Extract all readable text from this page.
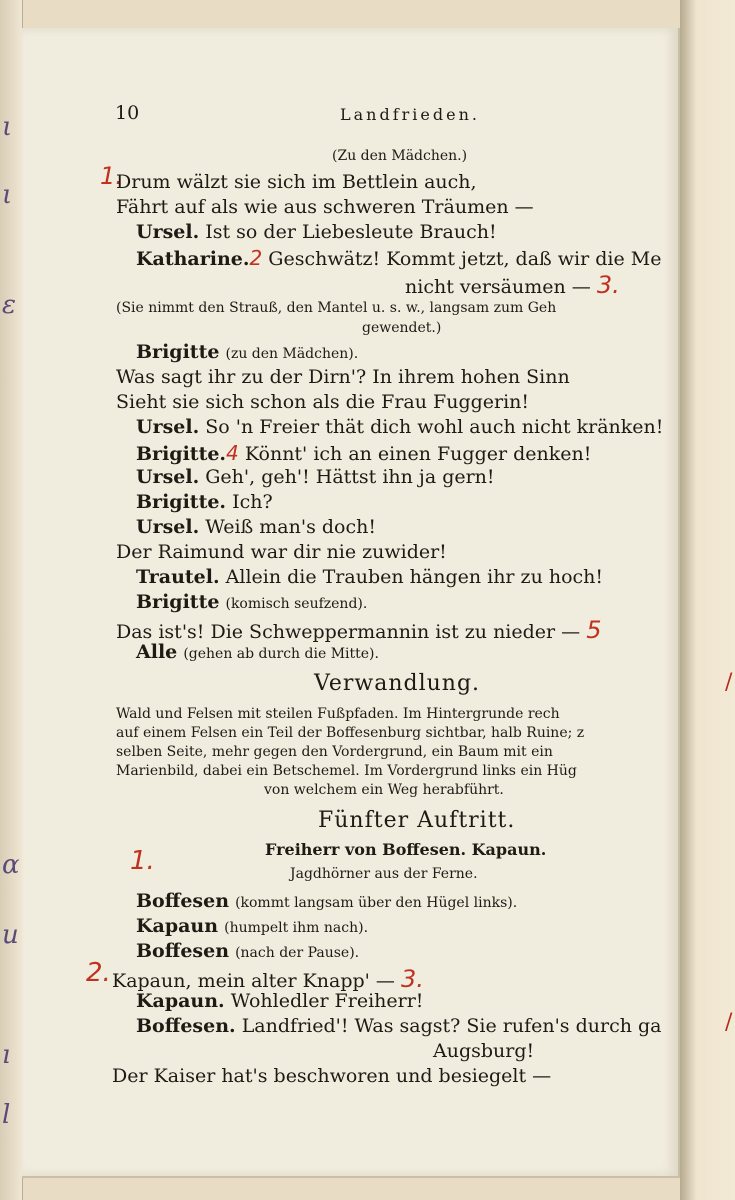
ι
ι
ε
ɑ
u
ı
l
/
/
10	Landfrieden.
(Zu den Mädchen.)
1.
Drum wälzt sie sich im Bettlein auch,
Fährt auf als wie aus schweren Träumen —
Ursel. Ist so der Liebesleute Brauch!
Katharine.2 Geschwätz! Kommt jetzt, daß wir die Me
nicht versäumen — 3.
(Sie nimmt den Strauß, den Mantel u. s. w., langsam zum Geh
gewendet.)
Brigitte (zu den Mädchen).
Was sagt ihr zu der Dirn'? In ihrem hohen Sinn
Sieht sie sich schon als die Frau Fuggerin!
Ursel. So 'n Freier thät dich wohl auch nicht kränken!
Brigitte.4 Könnt' ich an einen Fugger denken!
Ursel. Geh', geh'! Hättst ihn ja gern!
Brigitte. Ich?
Ursel. Weiß man's doch!
Der Raimund war dir nie zuwider!
Trautel. Allein die Trauben hängen ihr zu hoch!
Brigitte (komisch seufzend).
Das ist's! Die Schweppermannin ist zu nieder — 5
Alle (gehen ab durch die Mitte).
Verwandlung.
Wald und Felsen mit steilen Fußpfaden. Im Hintergrunde rech
auf einem Felsen ein Teil der Boffesenburg sichtbar, halb Ruine; z
selben Seite, mehr gegen den Vordergrund, ein Baum mit ein
Marienbild, dabei ein Betschemel. Im Vordergrund links ein Hüg
von welchem ein Weg herabführt.
Fünfter Auftritt.
1.	Freiherr von Boffesen. Kapaun.
Jagdhörner aus der Ferne.
Boffesen (kommt langsam über den Hügel links).
Kapaun (humpelt ihm nach).
Boffesen (nach der Pause).
2. Kapaun, mein alter Knapp' — 3.
Kapaun. Wohledler Freiherr!
Boffesen. Landfried'! Was sagst? Sie rufen's durch ga
Augsburg!
Der Kaiser hat's beschworen und besiegelt —
